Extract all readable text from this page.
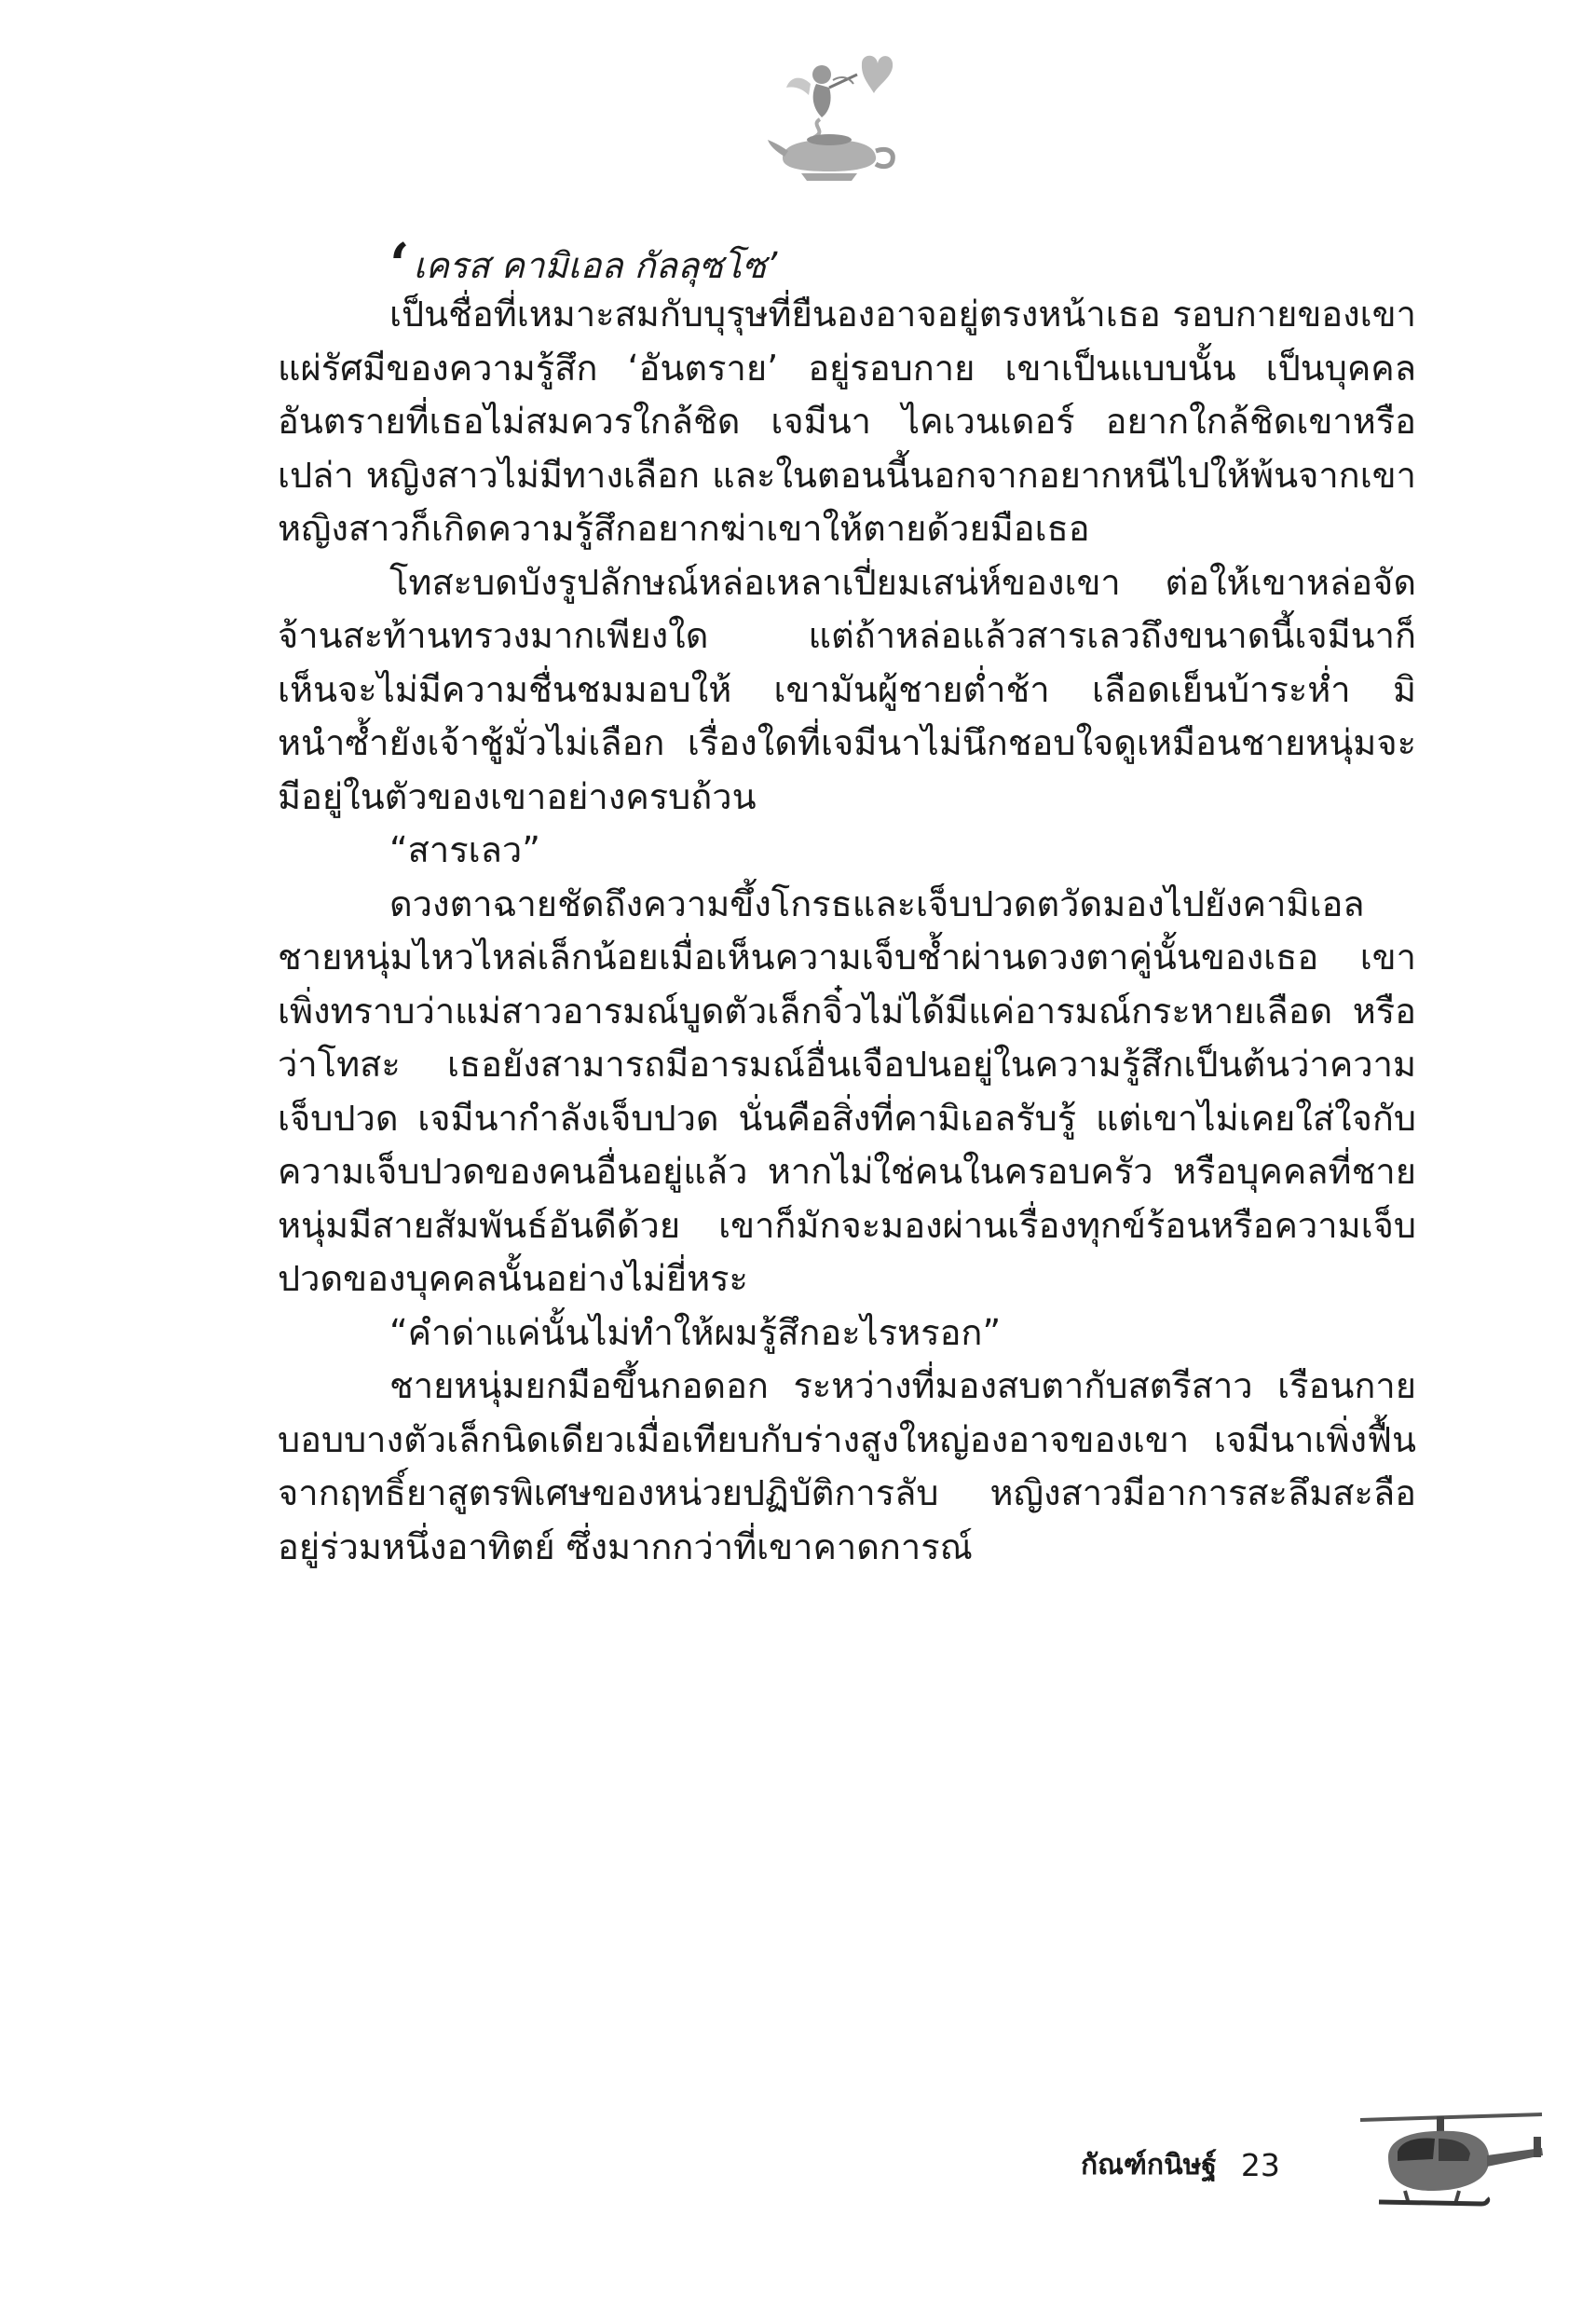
‘ เครส คามิเอล กัลลุซโซ’

เป็นชื่อที่เหมาะสมกับบุรุษที่ยืนองอาจอยู่ตรงหน้าเธอ รอบกายของเขาแผ่รัศมีของความรู้สึก ‘อันตราย’ อยู่รอบกาย เขาเป็นแบบนั้น เป็นบุคคลอันตรายที่เธอไม่สมควรใกล้ชิด เจมีนา ไคเวนเดอร์ อยากใกล้ชิดเขาหรือเปล่า หญิงสาวไม่มีทางเลือก และในตอนนี้นอกจากอยากหนีไปให้พ้นจากเขา หญิงสาวก็เกิดความรู้สึกอยากฆ่าเขาให้ตายด้วยมือเธอ

โทสะบดบังรูปลักษณ์หล่อเหลาเปี่ยมเสน่ห์ของเขา ต่อให้เขาหล่อจัดจ้านสะท้านทรวงมากเพียงใด แต่ถ้าหล่อแล้วสารเลวถึงขนาดนี้เจมีนาก็เห็นจะไม่มีความชื่นชมมอบให้ เขามันผู้ชายต่ำช้า เลือดเย็นบ้าระห่ำ มิหนำซ้ำยังเจ้าชู้มั่วไม่เลือก เรื่องใดที่เจมีนาไม่นึกชอบใจดูเหมือนชายหนุ่มจะมีอยู่ในตัวของเขาอย่างครบถ้วน

“สารเลว”

ดวงตาฉายชัดถึงความขึ้งโกรธและเจ็บปวดตวัดมองไปยังคามิเอล ชายหนุ่มไหวไหล่เล็กน้อยเมื่อเห็นความเจ็บช้ำผ่านดวงตาคู่นั้นของเธอ เขาเพิ่งทราบว่าแม่สาวอารมณ์บูดตัวเล็กจิ๋วไม่ได้มีแค่อารมณ์กระหายเลือด หรือว่าโทสะ เธอยังสามารถมีอารมณ์อื่นเจือปนอยู่ในความรู้สึกเป็นต้นว่าความเจ็บปวด เจมีนากำลังเจ็บปวด นั่นคือสิ่งที่คามิเอลรับรู้ แต่เขาไม่เคยใส่ใจกับความเจ็บปวดของคนอื่นอยู่แล้ว หากไม่ใช่คนในครอบครัว หรือบุคคลที่ชายหนุ่มมีสายสัมพันธ์อันดีด้วย เขาก็มักจะมองผ่านเรื่องทุกข์ร้อนหรือความเจ็บปวดของบุคคลนั้นอย่างไม่ยี่หระ

“คำด่าแค่นั้นไม่ทำให้ผมรู้สึกอะไรหรอก”

ชายหนุ่มยกมือขึ้นกอดอก ระหว่างที่มองสบตากับสตรีสาว เรือนกายบอบบางตัวเล็กนิดเดียวเมื่อเทียบกับร่างสูงใหญ่องอาจของเขา เจมีนาเพิ่งฟื้นจากฤทธิ์ยาสูตรพิเศษของหน่วยปฏิบัติการลับ หญิงสาวมีอาการสะลึมสะลืออยู่ร่วมหนึ่งอาทิตย์ ซึ่งมากกว่าที่เขาคาดการณ์

กัณฑ์กนิษฐ์ 23
